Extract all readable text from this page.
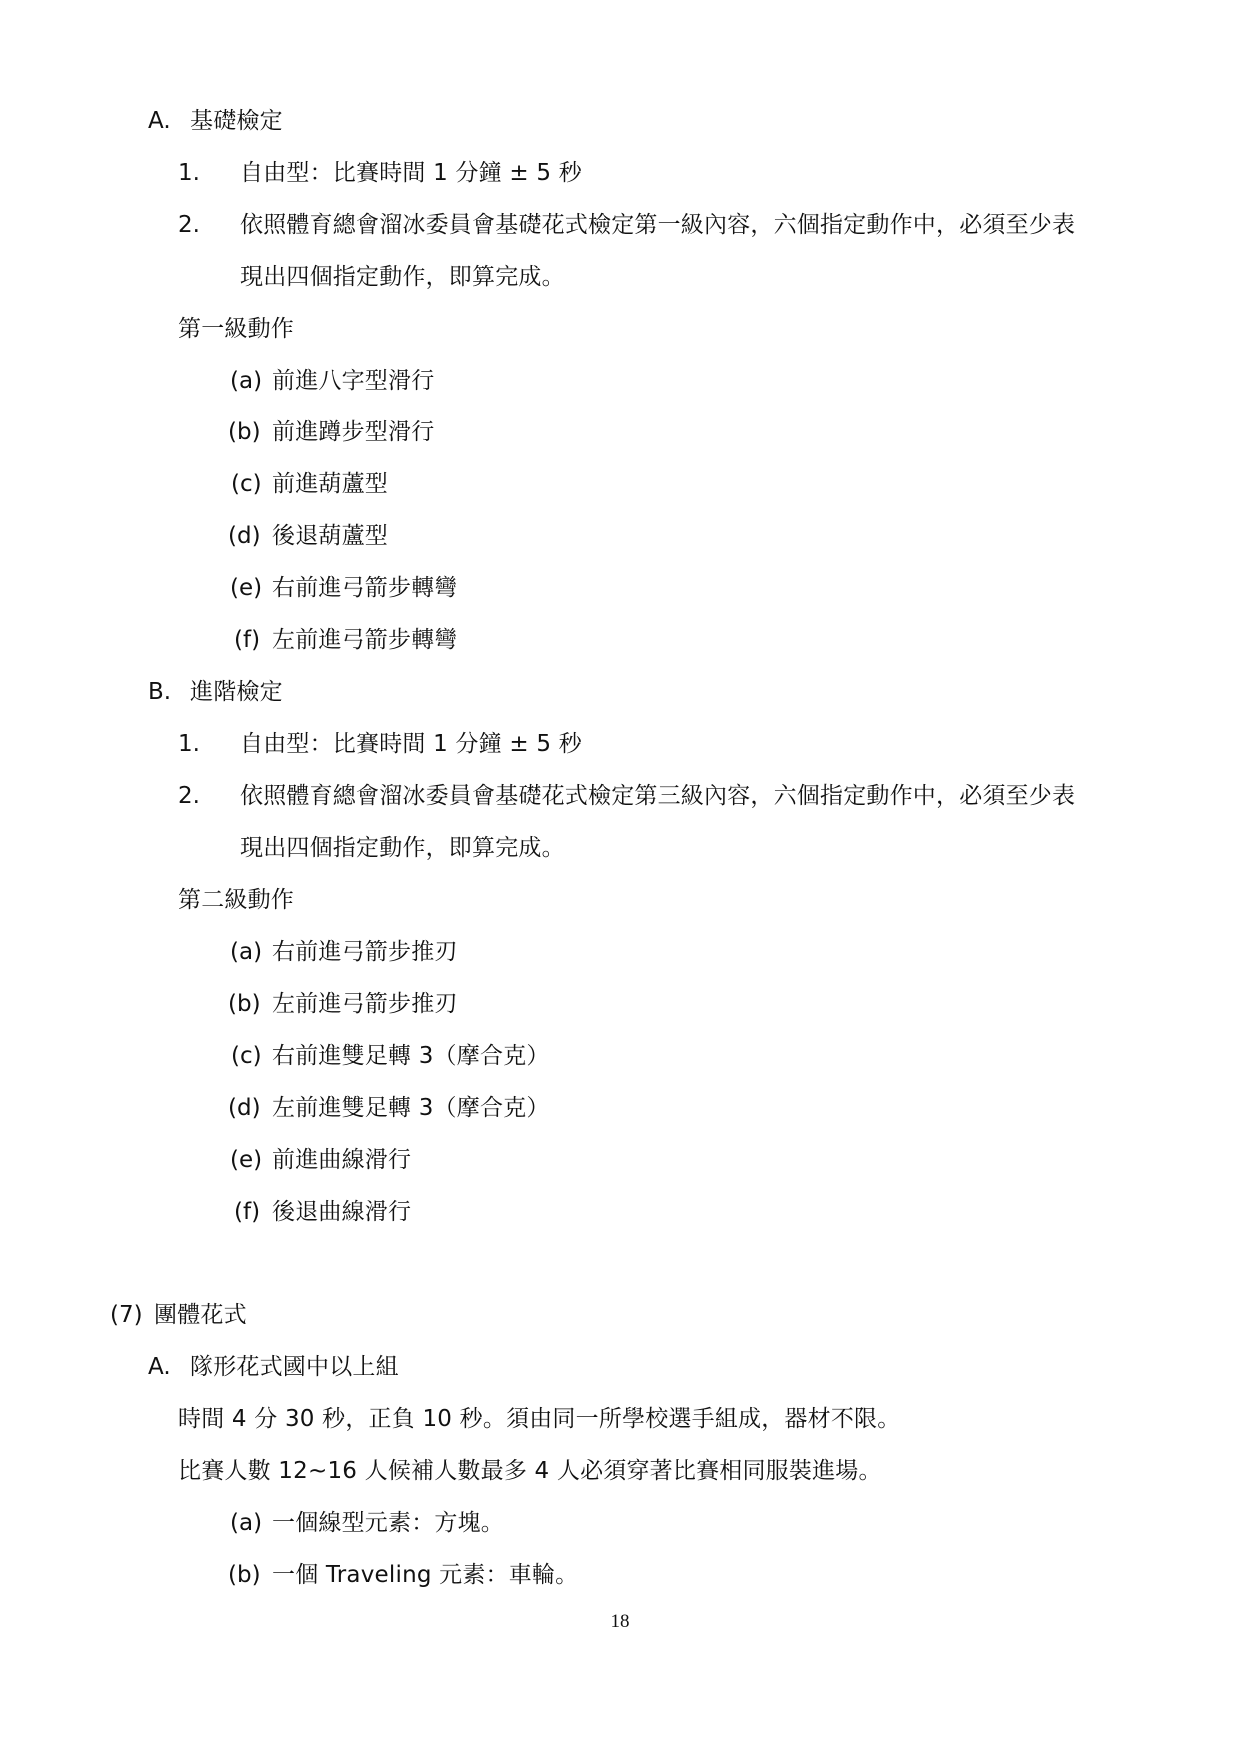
A. 基礎檢定
1. 自由型：比賽時間 1 分鐘 ± 5 秒
2. 依照體育總會溜冰委員會基礎花式檢定第一級內容，六個指定動作中，必須至少表
現出四個指定動作，即算完成。
第一級動作
(a) 前進八字型滑行
(b) 前進蹲步型滑行
(c) 前進葫蘆型
(d) 後退葫蘆型
(e) 右前進弓箭步轉彎
(f) 左前進弓箭步轉彎
B. 進階檢定
1. 自由型：比賽時間 1 分鐘 ± 5 秒
2. 依照體育總會溜冰委員會基礎花式檢定第三級內容，六個指定動作中，必須至少表
現出四個指定動作，即算完成。
第二級動作
(a) 右前進弓箭步推刃
(b) 左前進弓箭步推刃
(c) 右前進雙足轉 3（摩合克）
(d) 左前進雙足轉 3（摩合克）
(e) 前進曲線滑行
(f) 後退曲線滑行
(7) 團體花式
A. 隊形花式國中以上組
時間 4 分 30 秒，正負 10 秒。須由同一所學校選手組成，器材不限。
比賽人數 12~16 人候補人數最多 4 人必須穿著比賽相同服裝進場。
(a) 一個線型元素：方塊。
(b) 一個 Traveling 元素：車輪。
18
